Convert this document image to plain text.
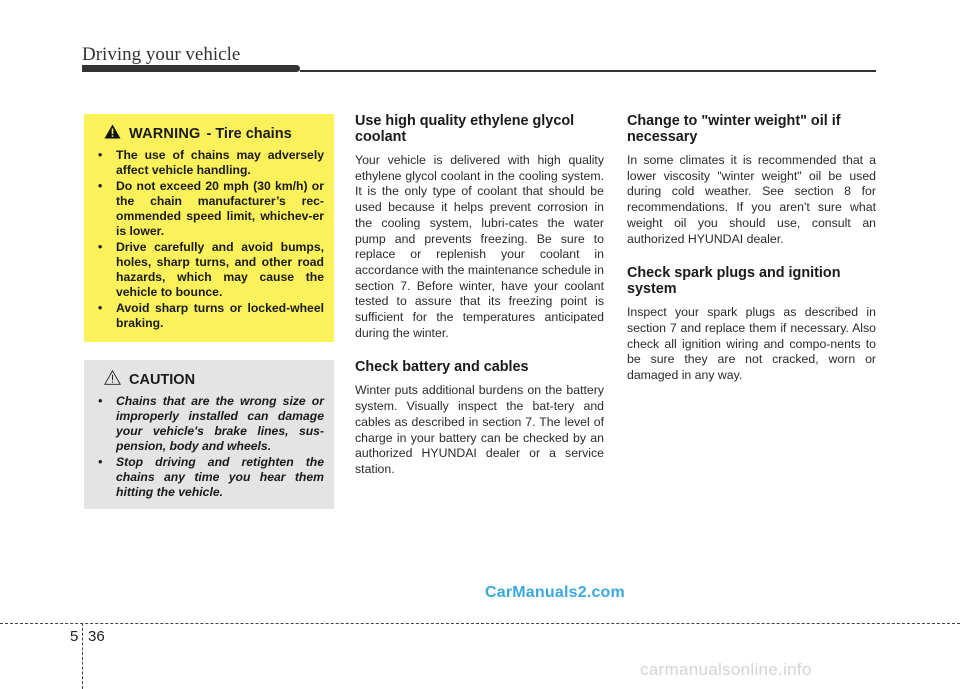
Driving your vehicle
WARNING - Tire chains
• The use of chains may adversely affect vehicle handling.
• Do not exceed 20 mph (30 km/h) or the chain manufacturer’s rec-ommended speed limit, whichev-er is lower.
• Drive carefully and avoid bumps, holes, sharp turns, and other road hazards, which may cause the vehicle to bounce.
• Avoid sharp turns or locked-wheel braking.
CAUTION
• Chains that are the wrong size or improperly installed can damage your vehicle's brake lines, sus-pension, body and wheels.
• Stop driving and retighten the chains any time you hear them hitting the vehicle.
Use high quality ethylene glycol coolant

Your vehicle is delivered with high quality ethylene glycol coolant in the cooling system. It is the only type of coolant that should be used because it helps prevent corrosion in the cooling system, lubri-cates the water pump and prevents freezing. Be sure to replace or replenish your coolant in accordance with the maintenance schedule in section 7. Before winter, have your coolant tested to assure that its freezing point is sufficient for the temperatures anticipated during the winter.

Check battery and cables

Winter puts additional burdens on the battery system. Visually inspect the bat-tery and cables as described in section 7. The level of charge in your battery can be checked by an authorized HYUNDAI dealer or a service station.

Change to "winter weight" oil if necessary

In some climates it is recommended that a lower viscosity "winter weight" oil be used during cold weather. See section 8 for recommendations. If you aren't sure what weight oil you should use, consult an authorized HYUNDAI dealer.

Check spark plugs and ignition system

Inspect your spark plugs as described in section 7 and replace them if necessary. Also check all ignition wiring and compo-nents to be sure they are not cracked, worn or damaged in any way.

CarManuals2.com
5 36
carmanualsonline.info
